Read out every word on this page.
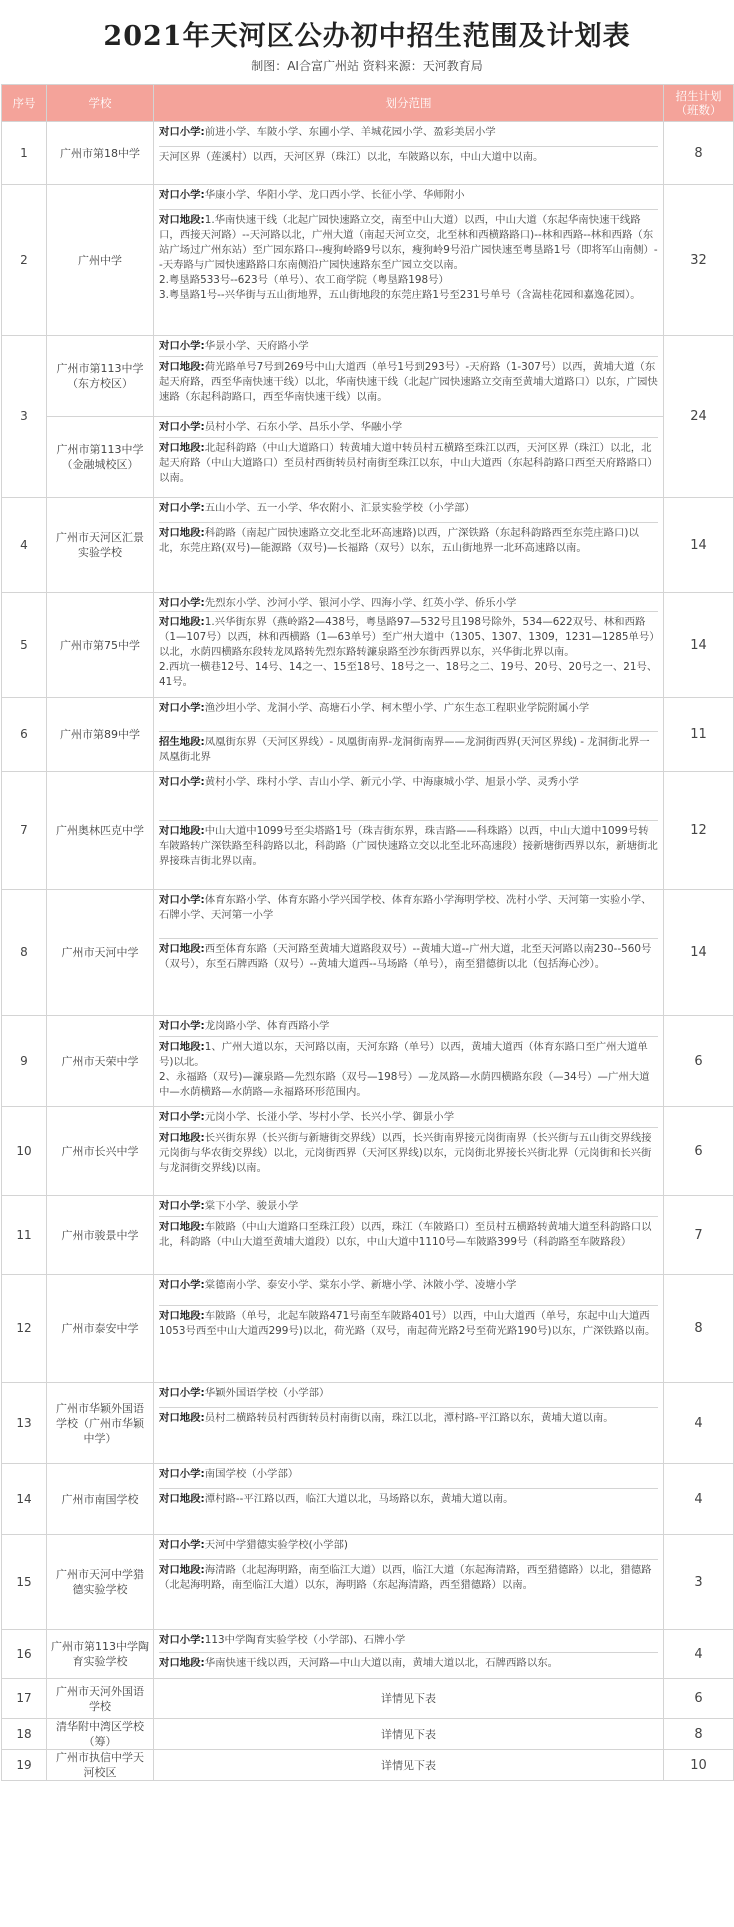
2021年天河区公办初中招生范围及计划表
制图：AI合富广州站 资料来源：天河教育局
序号	学校	划分范围	招生计划（班数）
1	广州市第18中学	对口小学:前进小学、车陂小学、东圃小学、羊城花园小学、盈彩美居小学
天河区界（莲溪村）以西，天河区界（珠江）以北，车陂路以东，中山大道中以南。	8
2	广州中学	对口小学:华康小学、华阳小学、龙口西小学、长征小学、华师附小
对口地段:1.华南快速干线（北起广园快速路立交，南至中山大道）以西，中山大道（东起华南快速干线路口，西接天河路）--天河路以北，广州大道（南起天河立交，北至林和西横路路口)--林和西路--林和西路（东站广场过广州东站）至广园东路口--瘦狗岭路9号以东，瘦狗岭9号沿广园快速至粤垦路1号（即将军山南侧）--天寿路与广园快速路路口东南侧沿广园快速路东至广园立交以南。
2.粤垦路533号--623号（单号）、农工商学院（粤垦路198号）
3.粤垦路1号--兴华街与五山街地界，五山街地段的东莞庄路1号至231号单号（含嵩桂花园和嘉逸花园）。	32
3	广州市第113中学（东方校区）	对口小学:华景小学、天府路小学
对口地段:荷光路单号7号到269号中山大道西（单号1号到293号）-天府路（1-307号）以西，黄埔大道（东起天府路，西至华南快速干线）以北，华南快速干线（北起广园快速路立交南至黄埔大道路口）以东，广园快速路（东起科韵路口，西至华南快速干线）以南。	24
	广州市第113中学（金融城校区）	对口小学:员村小学、石东小学、昌乐小学、华融小学
对口地段:北起科韵路（中山大道路口）转黄埔大道中转员村五横路至珠江以西，天河区界（珠江）以北，北起天府路（中山大道路口）至员村西街转员村南街至珠江以东，中山大道西（东起科韵路口西至天府路路口）以南。	

4	广州市天河区汇景实验学校	对口小学:五山小学、五一小学、华农附小、汇景实验学校（小学部）
对口地段:科韵路（南起广园快速路立交北至北环高速路)以西，广深铁路（东起科韵路西至东莞庄路口)以北，东莞庄路(双号)—能源路（双号)—长福路（双号）以东，五山街地界一北环高速路以南。	14
5	广州市第75中学	对口小学:先烈东小学、沙河小学、银河小学、四海小学、红英小学、侨乐小学
对口地段:1.兴华街东界（燕岭路2—438号，粤垦路97—532号且198号除外，534—622双号、林和西路（1—107号）以西，林和西横路（1—63单号）至广州大道中（1305、1307、1309，1231—1285单号）以北，水荫四横路东段转龙凤路转先烈东路转濂泉路至沙东街西界以东，兴华街北界以南。
2.西坑一横巷12号、14号、14之一、15至18号、18号之一、18号之二、19号、20号、20号之一、21号、41号。	14
6	广州市第89中学	对口小学:渔沙坦小学、龙洞小学、高塘石小学、柯木塱小学、广东生态工程职业学院附属小学
招生地段:凤凰街东界（天河区界线）- 凤凰街南界-龙洞街南界——龙洞街西界(天河区界线) - 龙洞街北界一凤凰街北界	11
7	广州奥林匹克中学	对口小学:黄村小学、珠村小学、吉山小学、新元小学、中海康城小学、旭景小学、灵秀小学
对口地段:中山大道中1099号至尖塔路1号（珠吉街东界，珠吉路——科珠路）以西，中山大道中1099号转车陂路转广深铁路至科韵路以北，科韵路（广园快速路立交以北至北环高速段）接新塘街西界以东，新塘街北界接珠吉街北界以南。	12
8	广州市天河中学	对口小学:体育东路小学、体育东路小学兴国学校、体育东路小学海明学校、冼村小学、天河第一实验小学、石牌小学、天河第一小学
对口地段:西至体育东路（天河路至黄埔大道路段双号）--黄埔大道--广州大道，北至天河路以南230--560号（双号），东至石牌西路（双号）--黄埔大道西--马场路（单号），南至猎德街以北（包括海心沙）。	14
9	广州市天荣中学	对口小学:龙岗路小学、体育西路小学
对口地段:1、广州大道以东，天河路以南，天河东路（单号）以西，黄埔大道西（体育东路口至广州大道单号)以北。
2、永福路（双号)—濂泉路—先烈东路（双号—198号）—龙凤路—水荫四横路东段（—34号）—广州大道中—水荫横路—水荫路—永福路环形范围内。	6
10	广州市长兴中学	对口小学:元岗小学、长湴小学、岑村小学、长兴小学、御景小学
对口地段:长兴街东界（长兴街与新塘街交界线）以西，长兴街南界接元岗街南界（长兴街与五山街交界线接元岗街与华农街交界线）以北，元岗街西界（天河区界线)以东，元岗街北界接长兴街北界（元岗街和长兴街与龙洞街交界线)以南。	6
11	广州市骏景中学	对口小学:棠下小学、骏景小学
对口地段:车陂路（中山大道路口至珠江段）以西，珠江（车陂路口）至员村五横路转黄埔大道至科韵路口以北，科韵路（中山大道至黄埔大道段）以东，中山大道中1110号—车陂路399号（科韵路至车陂路段）	7
12	广州市泰安中学	对口小学:棠德南小学、泰安小学、棠东小学、新塘小学、沐陂小学、凌塘小学
对口地段:车陂路（单号，北起车陂路471号南至车陂路401号）以西，中山大道西（单号，东起中山大道西1053号西至中山大道西299号)以北，荷光路（双号，南起荷光路2号至荷光路190号)以东，广深铁路以南。	8
13	广州市华颖外国语学校（广州市华颖中学）	对口小学:华颖外国语学校（小学部）
对口地段:员村二横路转员村西街转员村南街以南，珠江以北，潭村路-平江路以东，黄埔大道以南。	4
14	广州市南国学校	对口小学:南国学校（小学部）
对口地段:潭村路--平江路以西，临江大道以北，马场路以东，黄埔大道以南。	4
15	广州市天河中学猎德实验学校	对口小学:天河中学猎德实验学校(小学部)
对口地段:海清路（北起海明路，南至临江大道）以西，临江大道（东起海清路，西至猎德路）以北，猎德路（北起海明路，南至临江大道）以东，海明路（东起海清路，西至猎德路）以南。	3
16	广州市第113中学陶育实验学校	对口小学:113中学陶育实验学校（小学部)、石牌小学
对口地段:华南快速干线以西，天河路—中山大道以南，黄埔大道以北，石牌西路以东。	4
17	广州市天河外国语学校	详情见下表	6
18	清华附中湾区学校（筹）	详情见下表	8
19	广州市执信中学天河校区	详情见下表	10
